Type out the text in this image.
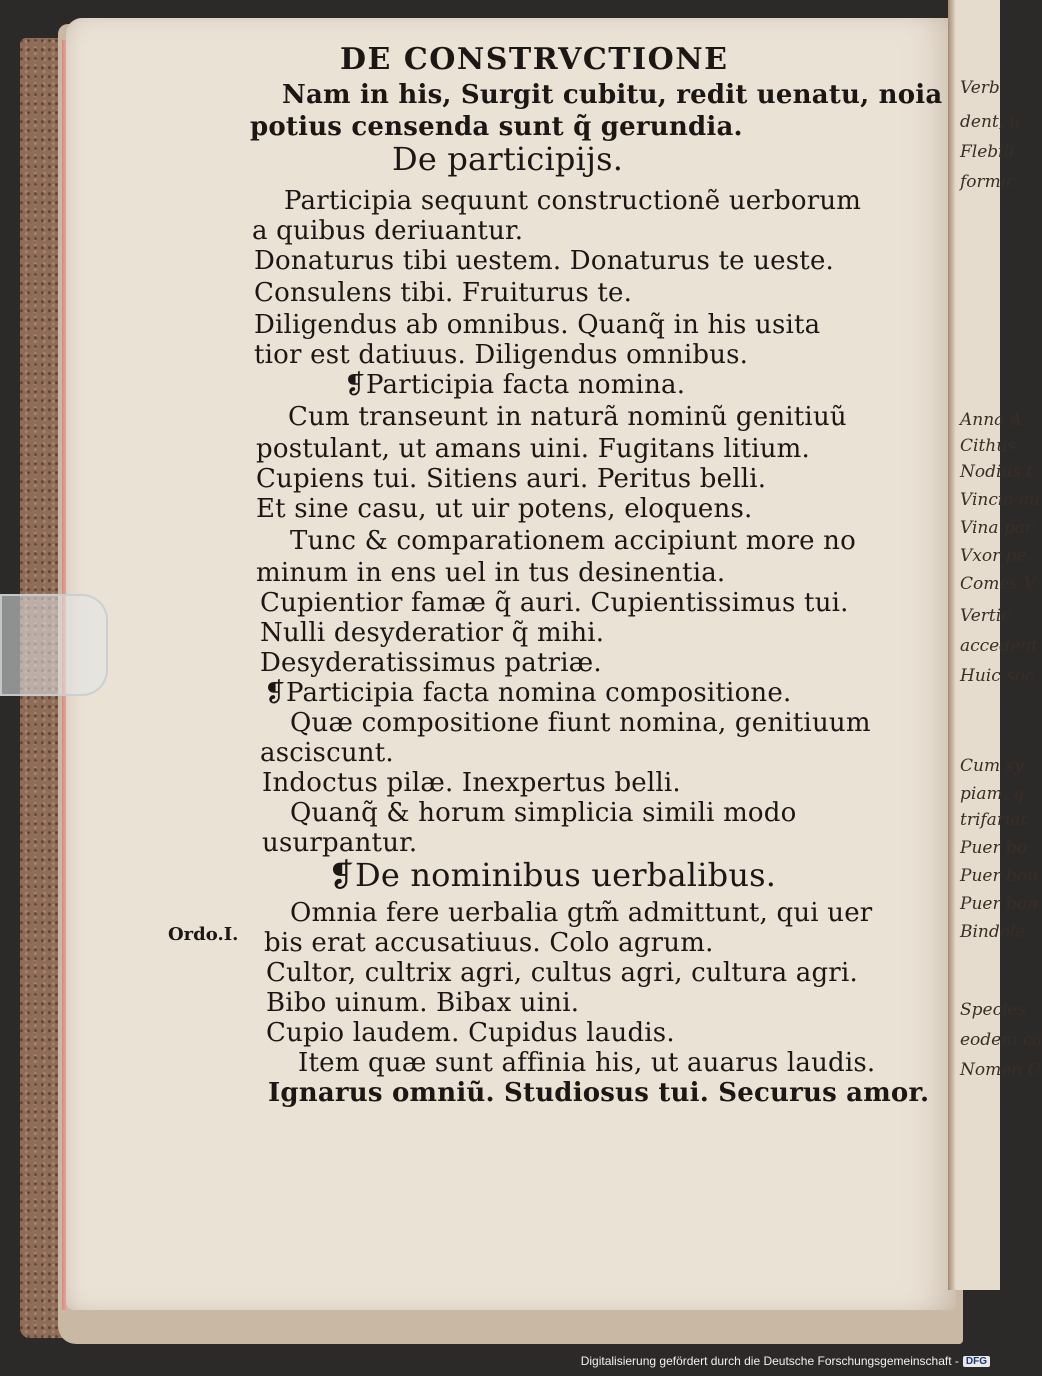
Verb
dent, u
Flebili
formic
Anna A
Cithus
Nodius t
Vincia au
Vina par
Vxor pe
Comes V
Vertic
accedent
Huic soc
Cum sy
piam, q
trifariat
Puer bo
Puer bon
Puer bon
Bindole
Species
eodem ca
Nomen C
DE CONSTRVCTIONE
Nam in his, Surgit cubitu, redit uenatu, noia
potius censenda sunt q̃ gerundia.
De participijs.
Participia sequunt constructionẽ uerborum
a quibus deriuantur.
Donaturus tibi uestem. Donaturus te ueste.
Consulens tibi. Fruiturus te.
Diligendus ab omnibus. Quanq̃ in his usita
tior est datiuus. Diligendus omnibus.
❡Participia facta nomina.
Cum transeunt in naturã nominũ genitiuũ
postulant, ut amans uini. Fugitans litium.
Cupiens tui. Sitiens auri. Peritus belli.
Et sine casu, ut uir potens, eloquens.
Tunc & comparationem accipiunt more no
minum in ens uel in tus desinentia.
Cupientior famæ q̃ auri. Cupientissimus tui.
Nulli desyderatior q̃ mihi.
Desyderatissimus patriæ.
❡Participia facta nomina compositione.
Quæ compositione fiunt nomina, genitiuum
asciscunt.
Indoctus pilæ. Inexpertus belli.
Quanq̃ & horum simplicia simili modo
usurpantur.
❡De nominibus uerbalibus.
Ordo.I.
Omnia fere uerbalia gtm̃ admittunt, qui uer
bis erat accusatiuus. Colo agrum.
Cultor, cultrix agri, cultus agri, cultura agri.
Bibo uinum. Bibax uini.
Cupio laudem. Cupidus laudis.
Item quæ sunt affinia his, ut auarus laudis.
Ignarus omniũ. Studiosus tui. Securus amor.
Digitalisierung gefördert durch die Deutsche Forschungsgemeinschaft - DFG
